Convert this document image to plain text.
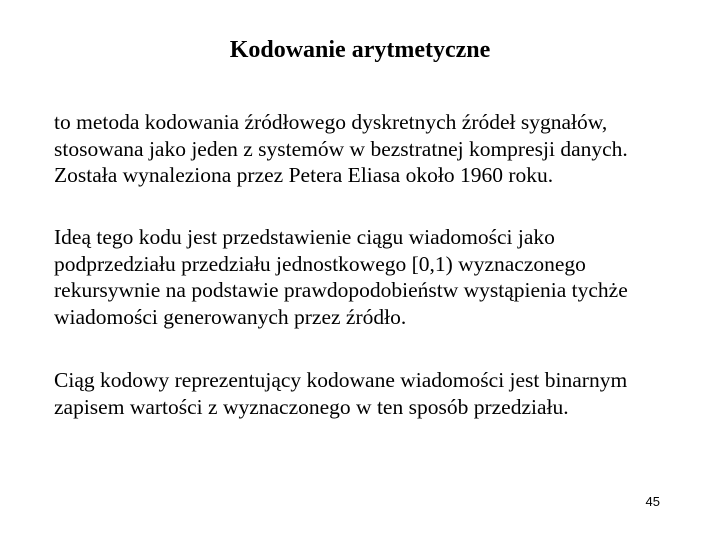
Kodowanie arytmetyczne
to metoda kodowania źródłowego dyskretnych źródeł sygnałów,
stosowana jako jeden z systemów w bezstratnej kompresji danych.
Została wynaleziona przez Petera Eliasa około 1960 roku.
Ideą tego kodu jest przedstawienie ciągu wiadomości jako
podprzedziału przedziału jednostkowego [0,1) wyznaczonego
rekursywnie na podstawie prawdopodobieństw wystąpienia tychże
wiadomości generowanych przez źródło.
Ciąg kodowy reprezentujący kodowane wiadomości jest binarnym
zapisem wartości z wyznaczonego w ten sposób przedziału.
45
